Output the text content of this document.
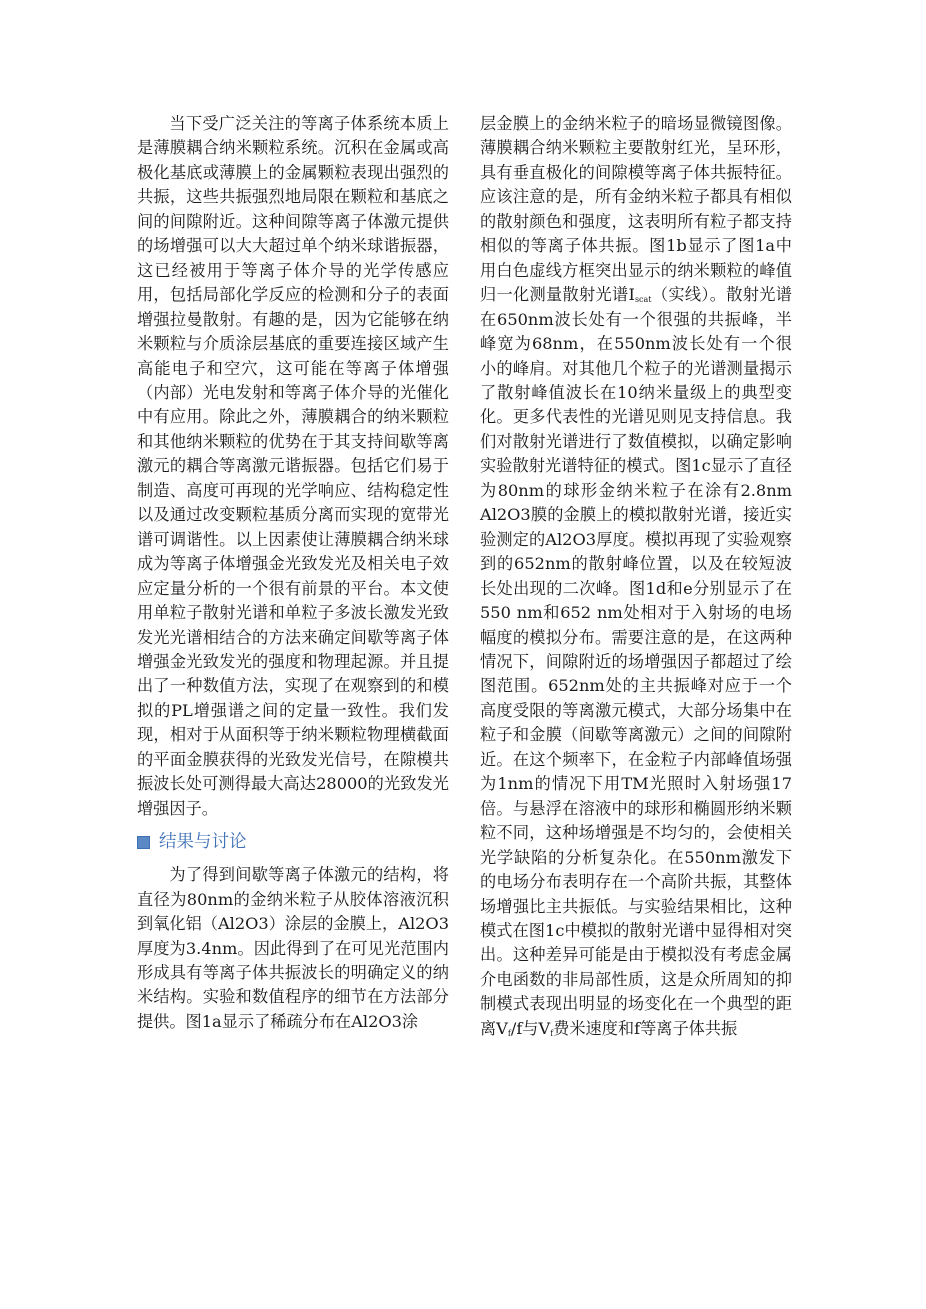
当下受广泛关注的等离子体系统本质上是薄膜耦合纳米颗粒系统。沉积在金属或高极化基底或薄膜上的金属颗粒表现出强烈的共振，这些共振强烈地局限在颗粒和基底之间的间隙附近。这种间隙等离子体激元提供的场增强可以大大超过单个纳米球谐振器，这已经被用于等离子体介导的光学传感应用，包括局部化学反应的检测和分子的表面增强拉曼散射。有趣的是，因为它能够在纳米颗粒与介质涂层基底的重要连接区域产生高能电子和空穴，这可能在等离子体增强（内部）光电发射和等离子体介导的光催化中有应用。除此之外，薄膜耦合的纳米颗粒和其他纳米颗粒的优势在于其支持间歇等离激元的耦合等离激元谐振器。包括它们易于制造、高度可再现的光学响应、结构稳定性以及通过改变颗粒基质分离而实现的宽带光谱可调谐性。以上因素使让薄膜耦合纳米球成为等离子体增强金光致发光及相关电子效应定量分析的一个很有前景的平台。本文使用单粒子散射光谱和单粒子多波长激发光致发光光谱相结合的方法来确定间歇等离子体增强金光致发光的强度和物理起源。并且提出了一种数值方法，实现了在观察到的和模拟的PL增强谱之间的定量一致性。我们发现，相对于从面积等于纳米颗粒物理横截面的平面金膜获得的光致发光信号，在隙模共振波长处可测得最大高达28000的光致发光增强因子。

结果与讨论

为了得到间歇等离子体激元的结构，将直径为80nm的金纳米粒子从胶体溶液沉积到氧化铝（Al2O3）涂层的金膜上，Al2O3厚度为3.4nm。因此得到了在可见光范围内形成具有等离子体共振波长的明确定义的纳米结构。实验和数值程序的细节在方法部分提供。图1a显示了稀疏分布在Al2O3涂

层金膜上的金纳米粒子的暗场显微镜图像。薄膜耦合纳米颗粒主要散射红光，呈环形，具有垂直极化的间隙模等离子体共振特征。应该注意的是，所有金纳米粒子都具有相似的散射颜色和强度，这表明所有粒子都支持相似的等离子体共振。图1b显示了图1a中用白色虚线方框突出显示的纳米颗粒的峰值归一化测量散射光谱$I_{scat}$（实线）。散射光谱在650nm波长处有一个很强的共振峰，半峰宽为68nm，在550nm波长处有一个很小的峰肩。对其他几个粒子的光谱测量揭示了散射峰值波长在10纳米量级上的典型变化。更多代表性的光谱见则见支持信息。我们对散射光谱进行了数值模拟，以确定影响实验散射光谱特征的模式。图1c显示了直径为80nm的球形金纳米粒子在涂有2.8nm Al2O3膜的金膜上的模拟散射光谱，接近实验测定的Al2O3厚度。模拟再现了实验观察到的652nm的散射峰位置，以及在较短波长处出现的二次峰。图1d和e分别显示了在550 nm和652 nm处相对于入射场的电场幅度的模拟分布。需要注意的是，在这两种情况下，间隙附近的场增强因子都超过了绘图范围。652nm处的主共振峰对应于一个高度受限的等离激元模式，大部分场集中在粒子和金膜（间歇等离激元）之间的间隙附近。在这个频率下，在金粒子内部峰值场强为1nm的情况下用TM光照时入射场强17倍。与悬浮在溶液中的球形和椭圆形纳米颗粒不同，这种场增强是不均匀的，会使相关光学缺陷的分析复杂化。在550nm激发下的电场分布表明存在一个高阶共振，其整体场增强比主共振低。与实验结果相比，这种模式在图1c中模拟的散射光谱中显得相对突出。这种差异可能是由于模拟没有考虑金属介电函数的非局部性质，这是众所周知的抑制模式表现出明显的场变化在一个典型的距离$V_f/f$与$V_f$费米速度和f等离子体共振
